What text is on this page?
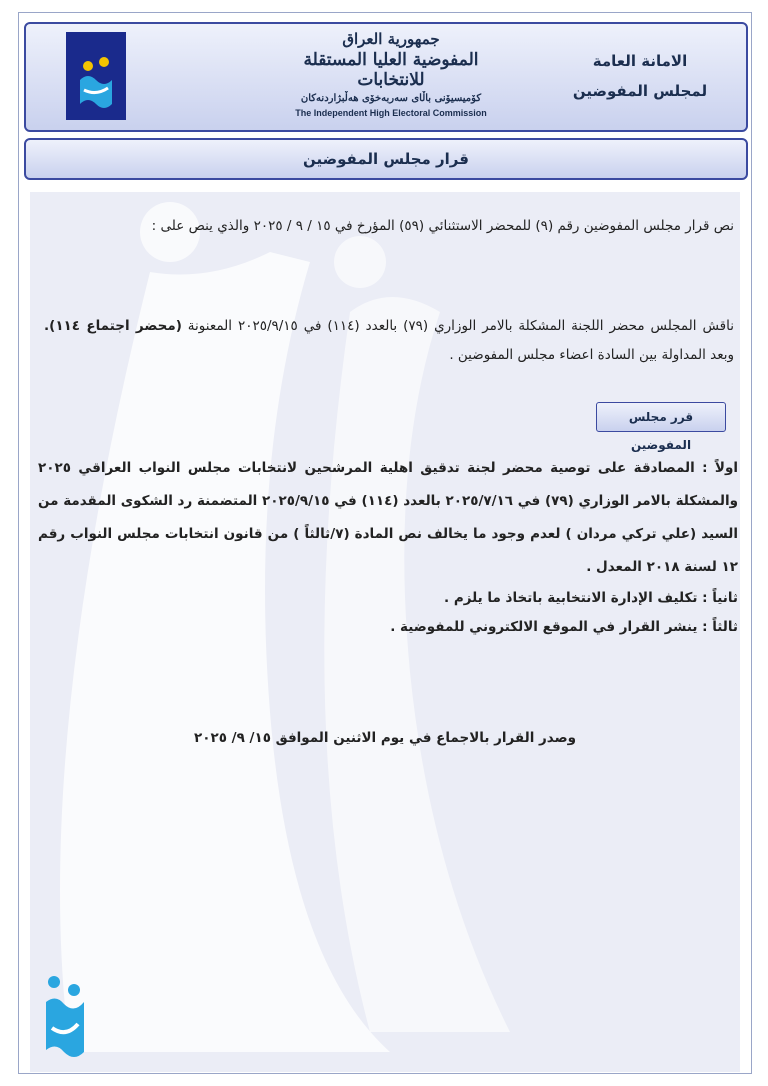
جمهورية العراق
المفوضية العليا المستقلة للانتخابات
كۆمیسیۆنی باڵای سەربەخۆی هەڵبژاردنەکان
The Independent High Electoral Commission
الامانة العامة
لمجلس المفوضين
قرار مجلس المفوضين
نص قرار مجلس المفوضين رقم (٩) للمحضر الاستثنائي (٥٩) المؤرخ في ١٥ / ٩ / ٢٠٢٥ والذي ينص على :
ناقش المجلس محضر اللجنة المشكلة بالامر الوزاري (٧٩) بالعدد (١١٤) في ٢٠٢٥/٩/١٥ المعنونة (محضر اجتماع ١١٤). وبعد المداولة بين السادة اعضاء مجلس المفوضين .
قرر مجلس المفوضين
اولاً : المصادقة على توصية محضر لجنة تدقيق اهلية المرشحين لانتخابات مجلس النواب العراقي ٢٠٢٥ والمشكلة بالامر الوزاري (٧٩) في ٢٠٢٥/٧/١٦ بالعدد (١١٤) في ٢٠٢٥/٩/١٥ المتضمنة رد الشكوى المقدمة من السيد (علي تركي مردان ) لعدم وجود ما يخالف نص المادة (٧/ثالثاً ) من قانون انتخابات مجلس النواب رقم ١٢ لسنة ٢٠١٨ المعدل .
ثانياً : تكليف الإدارة الانتخابية باتخاذ ما يلزم .
ثالثاً : ينشر القرار في الموقع الالكتروني للمفوضية .
وصدر القرار بالاجماع في يوم الاثنين الموافق ١٥/ ٩/ ٢٠٢٥
